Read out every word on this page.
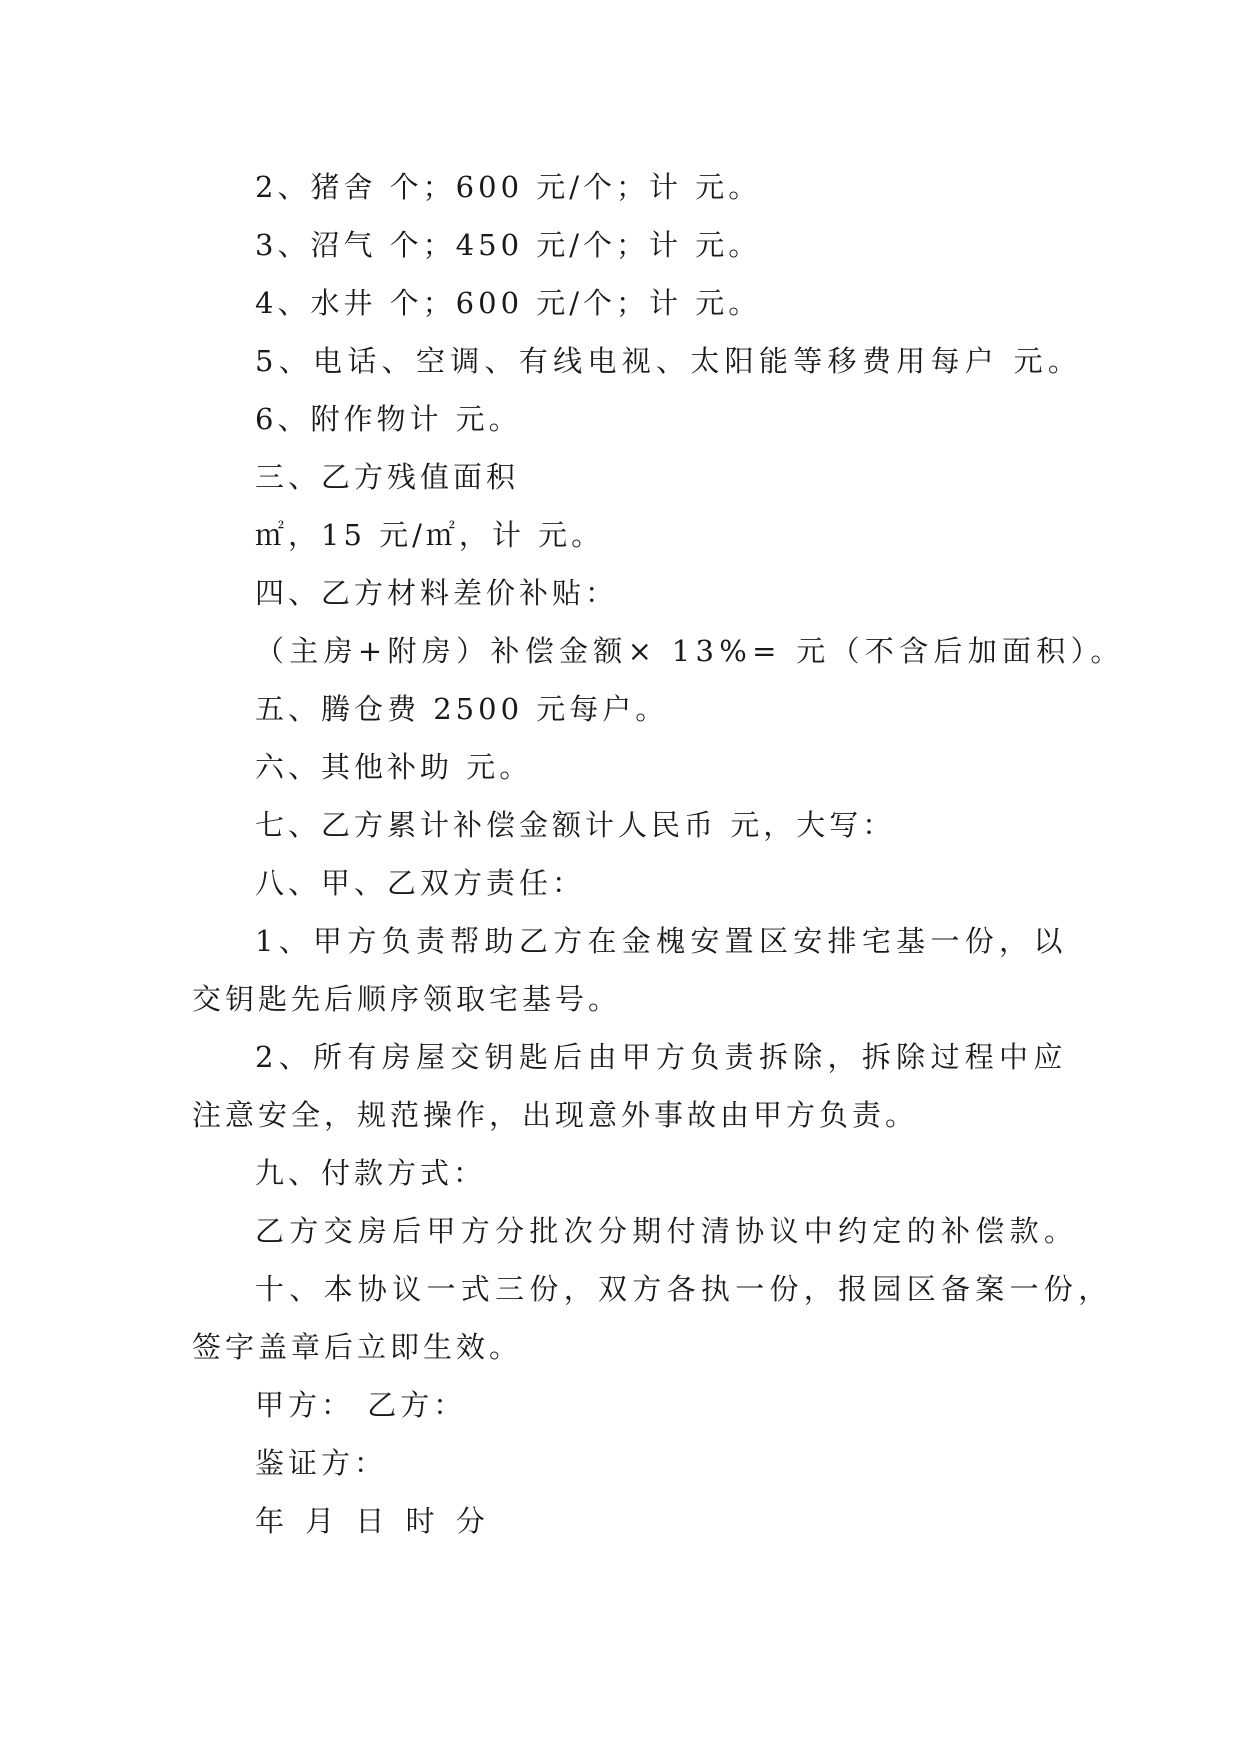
2、猪舍 个；600 元/个；计 元。
3、沼气 个；450 元/个；计 元。
4、水井 个；600 元/个；计 元。
5、电话、空调、有线电视、太阳能等移费用每户 元。
6、附作物计 元。
三、乙方残值面积
㎡，15 元/㎡，计 元。
四、乙方材料差价补贴：
（主房+附房）补偿金额× 13%= 元（不含后加面积）。
五、腾仓费 2500 元每户。
六、其他补助 元。
七、乙方累计补偿金额计人民币 元，大写：
八、甲、乙双方责任：
1、甲方负责帮助乙方在金槐安置区安排宅基一份，以
交钥匙先后顺序领取宅基号。
2、所有房屋交钥匙后由甲方负责拆除，拆除过程中应
注意安全，规范操作，出现意外事故由甲方负责。
九、付款方式：
乙方交房后甲方分批次分期付清协议中约定的补偿款。
十、本协议一式三份，双方各执一份，报园区备案一份，
签字盖章后立即生效。
甲方： 乙方：
鉴证方：
年 月 日 时 分
